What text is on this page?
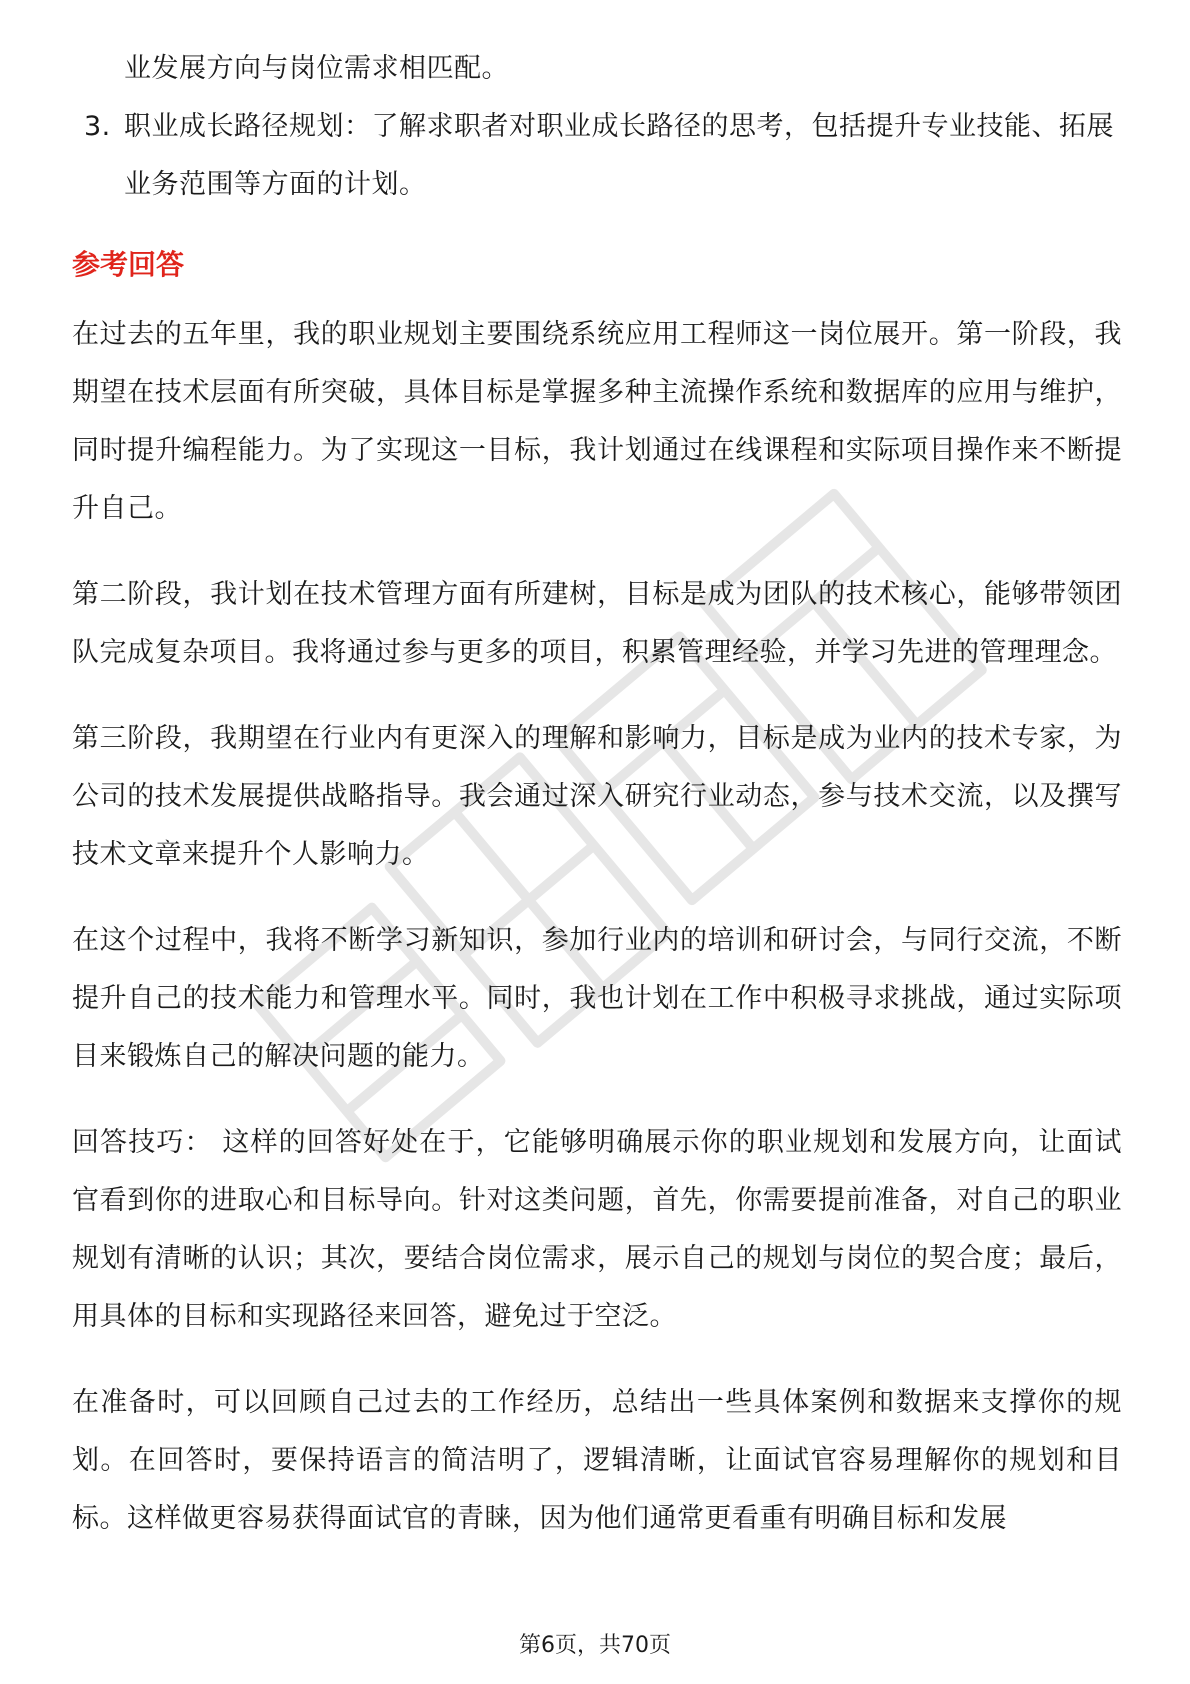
业发展方向与岗位需求相匹配。

3. 职业成长路径规划：了解求职者对职业成长路径的思考，包括提升专业技能、拓展业务范围等方面的计划。
参考回答

在过去的五年里，我的职业规划主要围绕系统应用工程师这一岗位展开。第一阶段，我期望在技术层面有所突破，具体目标是掌握多种主流操作系统和数据库的应用与维护，同时提升编程能力。为了实现这一目标，我计划通过在线课程和实际项目操作来不断提升自己。

第二阶段，我计划在技术管理方面有所建树，目标是成为团队的技术核心，能够带领团队完成复杂项目。我将通过参与更多的项目，积累管理经验，并学习先进的管理理念。

第三阶段，我期望在行业内有更深入的理解和影响力，目标是成为业内的技术专家，为公司的技术发展提供战略指导。我会通过深入研究行业动态，参与技术交流，以及撰写技术文章来提升个人影响力。

在这个过程中，我将不断学习新知识，参加行业内的培训和研讨会，与同行交流，不断提升自己的技术能力和管理水平。同时，我也计划在工作中积极寻求挑战，通过实际项目来锻炼自己的解决问题的能力。

回答技巧： 这样的回答好处在于，它能够明确展示你的职业规划和发展方向，让面试官看到你的进取心和目标导向。针对这类问题，首先，你需要提前准备，对自己的职业规划有清晰的认识；其次，要结合岗位需求，展示自己的规划与岗位的契合度；最后，用具体的目标和实现路径来回答，避免过于空泛。

在准备时，可以回顾自己过去的工作经历，总结出一些具体案例和数据来支撑你的规划。在回答时，要保持语言的简洁明了，逻辑清晰，让面试官容易理解你的规划和目标。这样做更容易获得面试官的青睐，因为他们通常更看重有明确目标和发展

第6页，共70页
